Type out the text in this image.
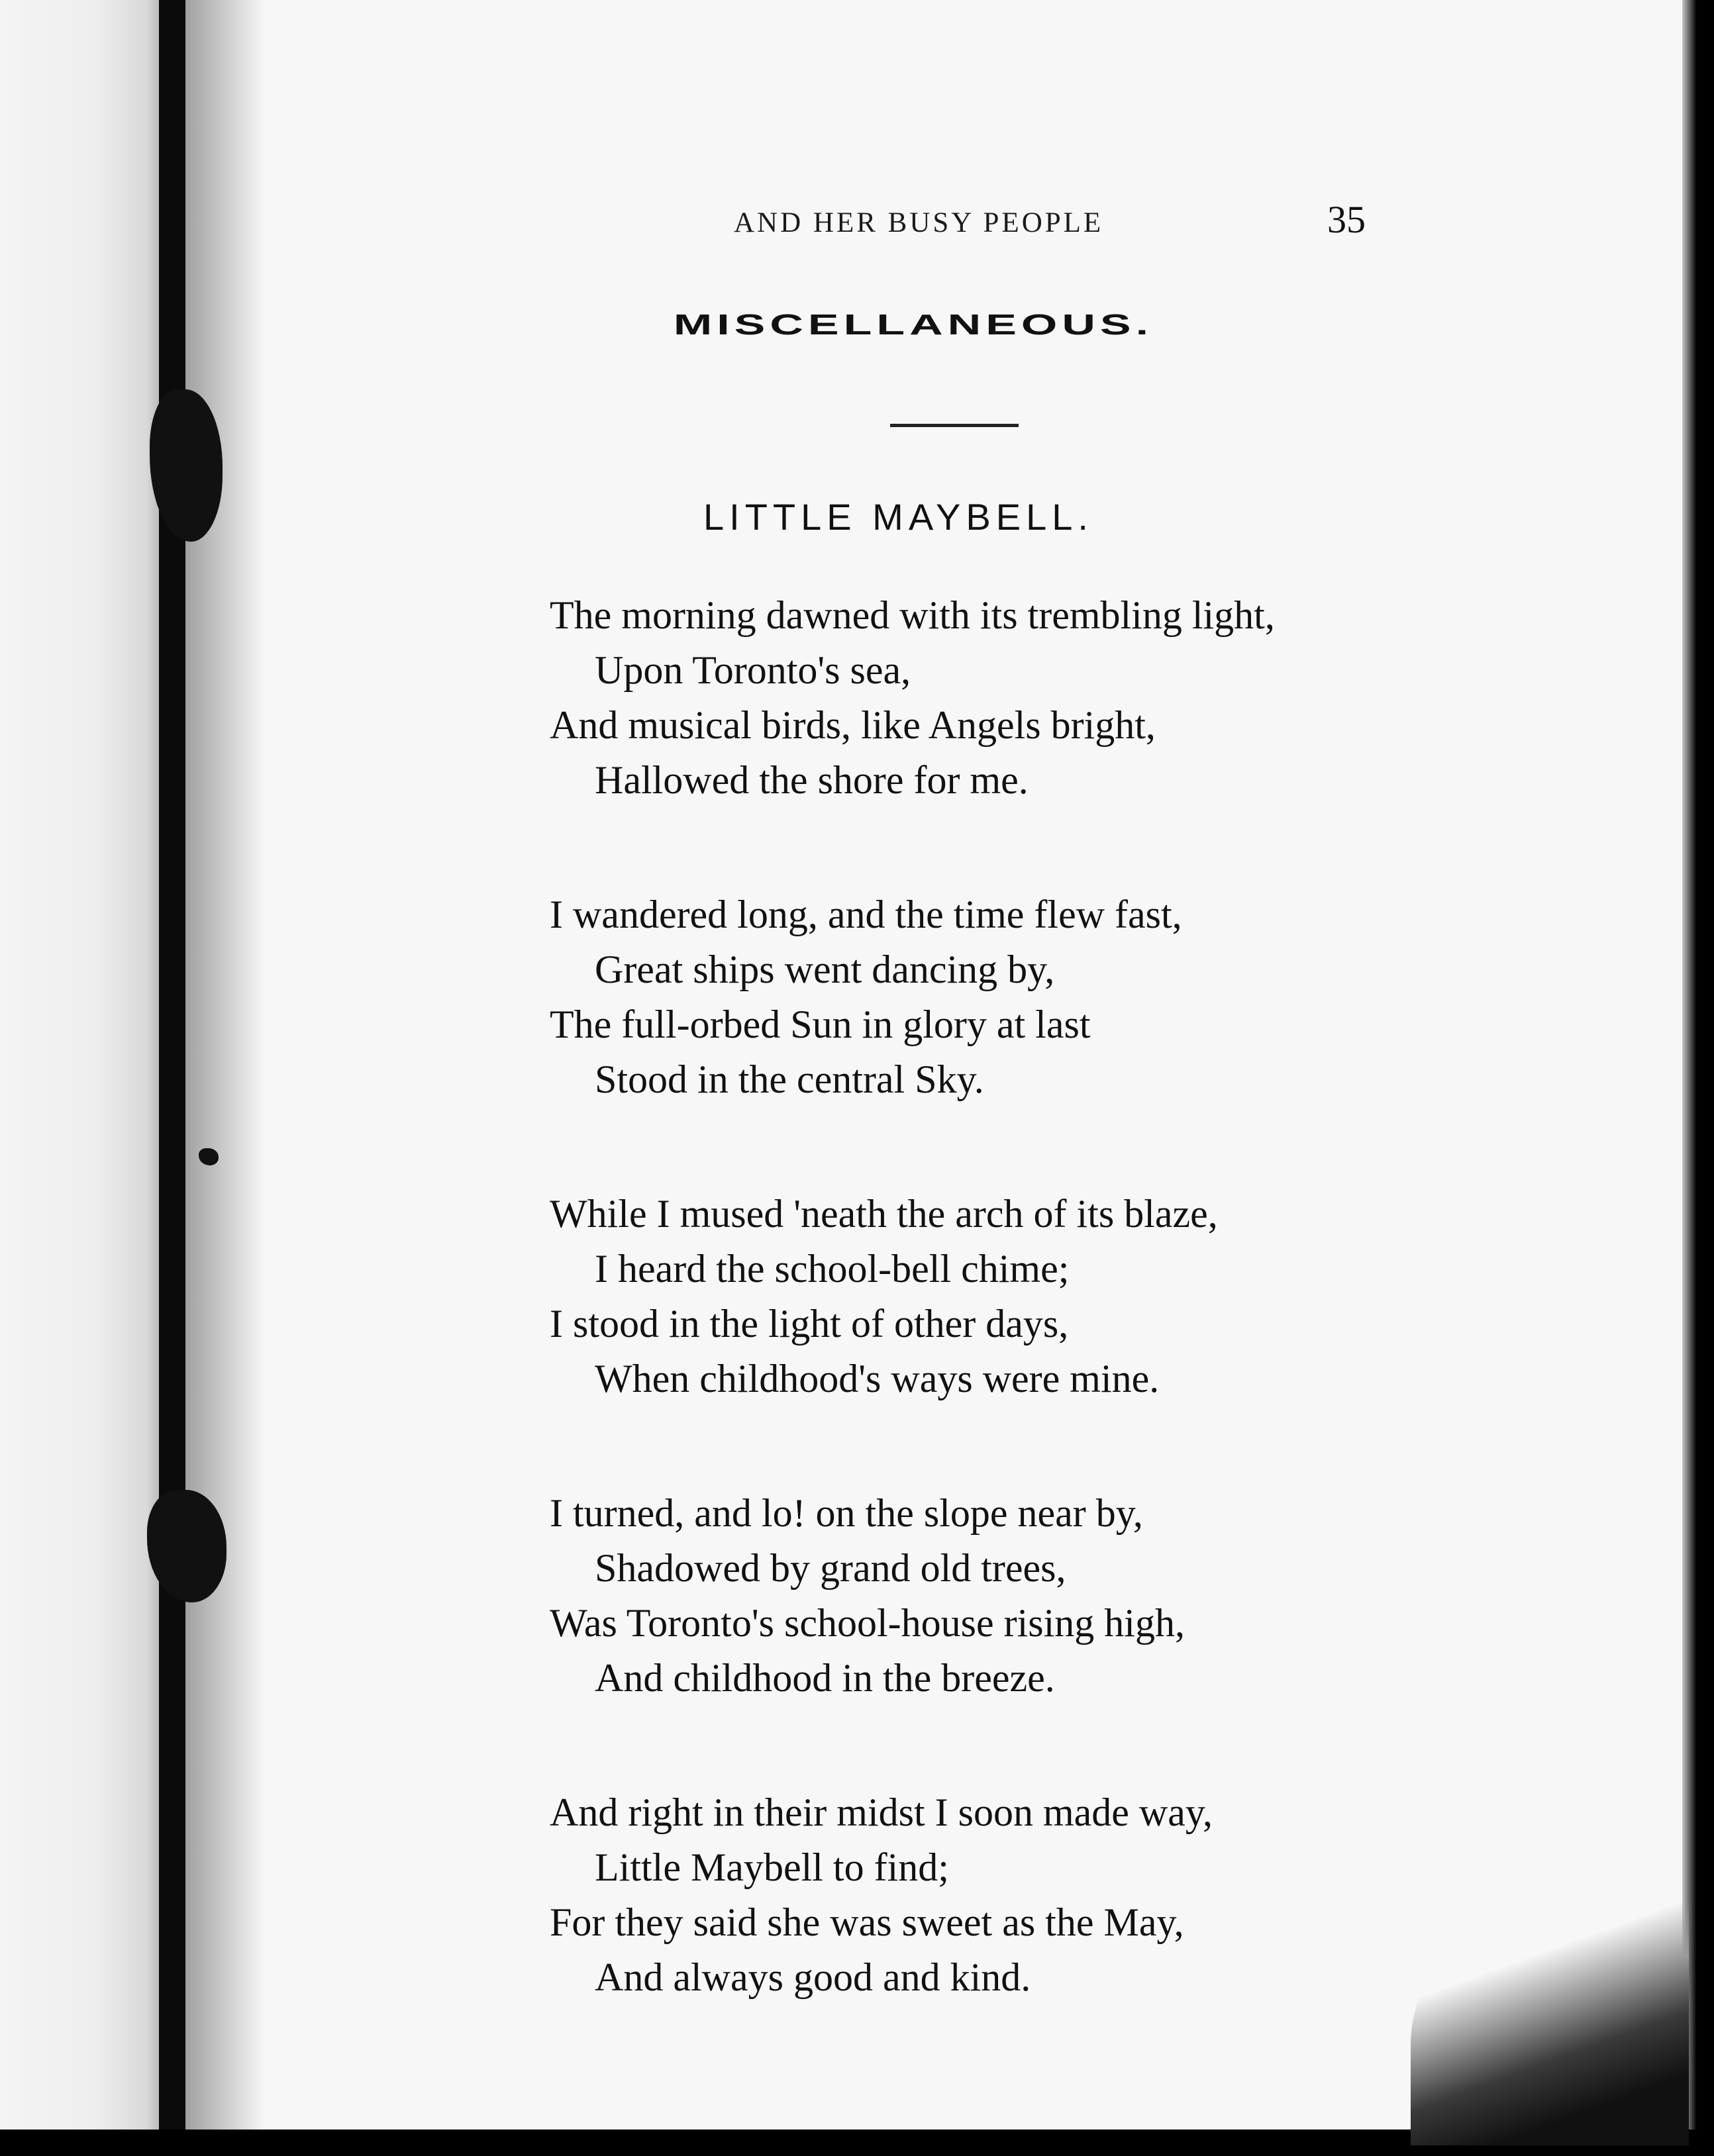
AND HER BUSY PEOPLE	35
MISCELLANEOUS.
LITTLE MAYBELL.
The morning dawned with its trembling light,
Upon Toronto's sea,
And musical birds, like Angels bright,
Hallowed the shore for me.
I wandered long, and the time flew fast,
Great ships went dancing by,
The full-orbed Sun in glory at last
Stood in the central Sky.
While I mused 'neath the arch of its blaze,
I heard the school-bell chime;
I stood in the light of other days,
When childhood's ways were mine.
I turned, and lo! on the slope near by,
Shadowed by grand old trees,
Was Toronto's school-house rising high,
And childhood in the breeze.
And right in their midst I soon made way,
Little Maybell to find;
For they said she was sweet as the May,
And always good and kind.
